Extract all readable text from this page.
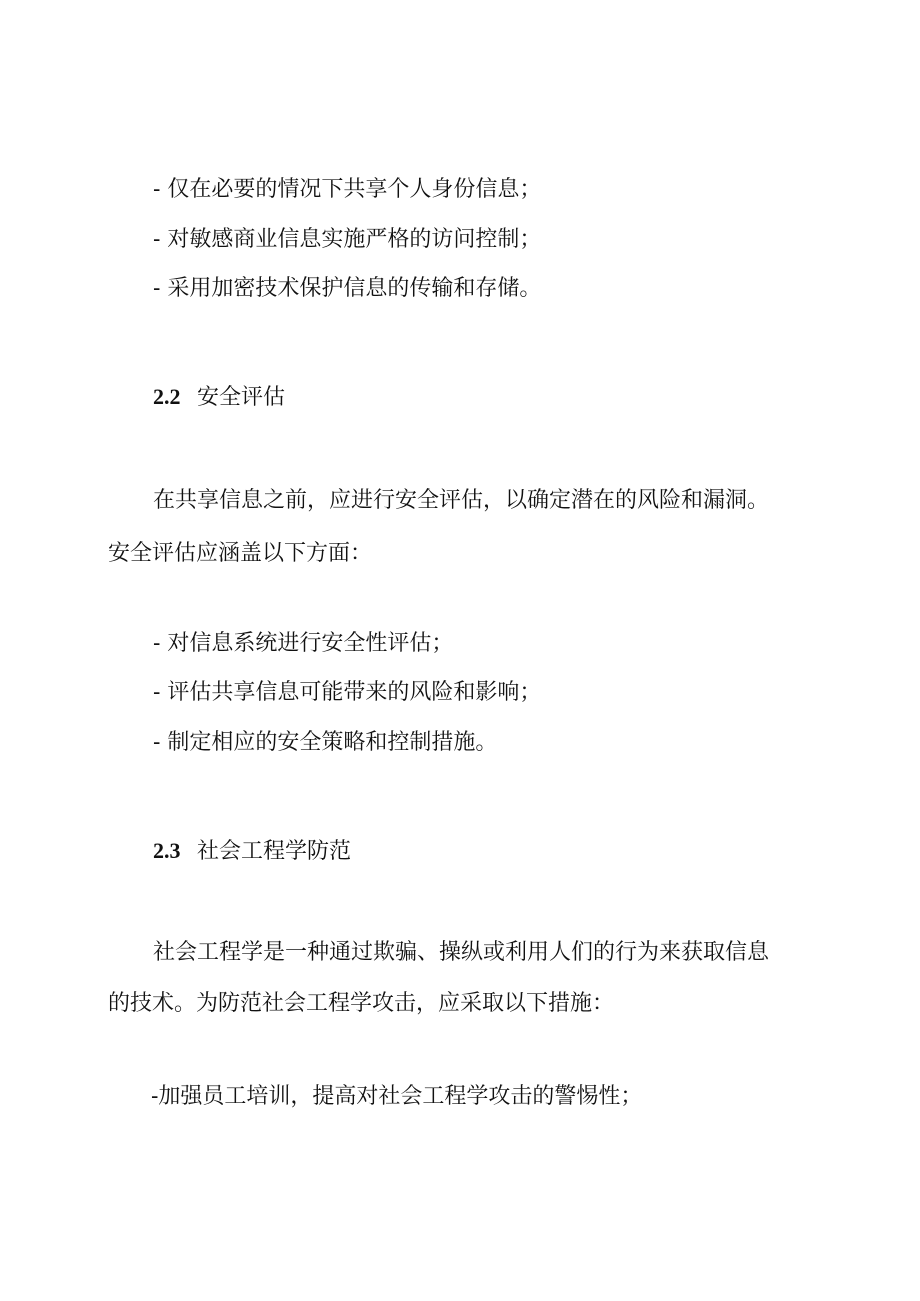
- 仅在必要的情况下共享个人身份信息；
- 对敏感商业信息实施严格的访问控制；
- 采用加密技术保护信息的传输和存储。
2.2 安全评估
在共享信息之前，应进行安全评估，以确定潜在的风险和漏洞。
安全评估应涵盖以下方面：
- 对信息系统进行安全性评估；
- 评估共享信息可能带来的风险和影响；
- 制定相应的安全策略和控制措施。
2.3 社会工程学防范
社会工程学是一种通过欺骗、操纵或利用人们的行为来获取信息
的技术。为防范社会工程学攻击，应采取以下措施：
-加强员工培训，提高对社会工程学攻击的警惕性；
